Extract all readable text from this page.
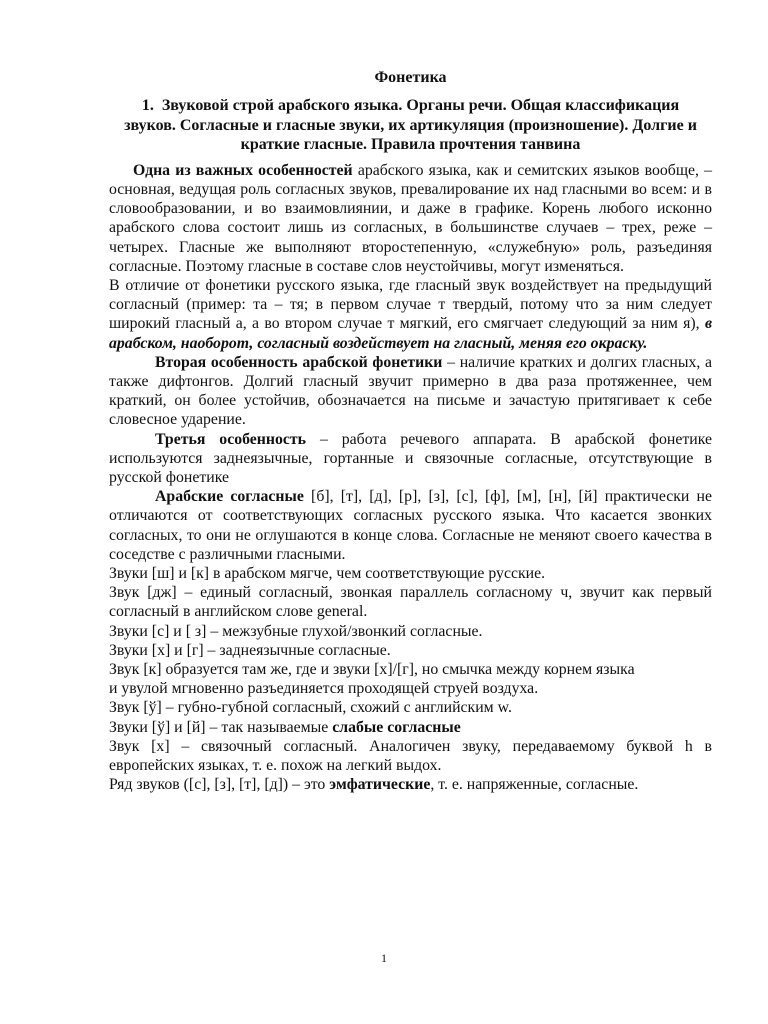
Фонетика
1. Звуковой строй арабского языка. Органы речи. Общая классификация звуков. Согласные и гласные звуки, их артикуляция (произношение). Долгие и краткие гласные. Правила прочтения танвина

Одна из важных особенностей арабского языка, как и семитских языков вообще, – основная, ведущая роль согласных звуков, превалирование их над гласными во всем: и в словообразовании, и во взаимовлиянии, и даже в графике. Корень любого исконно арабского слова состоит лишь из согласных, в большинстве случаев – трех, реже – четырех. Гласные же выполняют второстепенную, «служебную» роль, разъединяя согласные. Поэтому гласные в составе слов неустойчивы, могут изменяться.

В отличие от фонетики русского языка, где гласный звук воздействует на предыдущий согласный (пример: та – тя; в первом случае т твердый, потому что за ним следует широкий гласный а, а во втором случае т мягкий, его смягчает следующий за ним я), в арабском, наоборот, согласный воздействует на гласный, меняя его окраску.

Вторая особенность арабской фонетики – наличие кратких и долгих гласных, а также дифтонгов. Долгий гласный звучит примерно в два раза протяженнее, чем краткий, он более устойчив, обозначается на письме и зачастую притягивает к себе словесное ударение.

Третья особенность – работа речевого аппарата. В арабской фонетике используются заднеязычные, гортанные и связочные согласные, отсутствующие в русской фонетике

Арабские согласные [б], [т], [д], [р], [з], [с], [ф], [м], [н], [й] практически не отличаются от соответствующих согласных русского языка. Что касается звонких согласных, то они не оглушаются в конце слова. Согласные не меняют своего качества в соседстве с различными гласными.

Звуки [ш] и [к] в арабском мягче, чем соответствующие русские.

Звук [дж] – единый согласный, звонкая параллель согласному ч, звучит как первый согласный в английском слове general.

Звуки [с] и [ з] – межзубные глухой/звонкий согласные.

Звуки [х] и [г] – заднеязычные согласные.

Звук [к] образуется там же, где и звуки [х]/[г], но смычка между корнем языка

и увулой мгновенно разъединяется проходящей струей воздуха.

Звук [ў] – губно-губной согласный, схожий с английским w.

Звуки [ў] и [й] – так называемые слабые согласные

Звук [х] – связочный согласный. Аналогичен звуку, передаваемому буквой h в европейских языках, т. е. похож на легкий выдох.

Ряд звуков ([с], [з], [т], [д]) – это эмфатические, т. е. напряженные, согласные.

1
